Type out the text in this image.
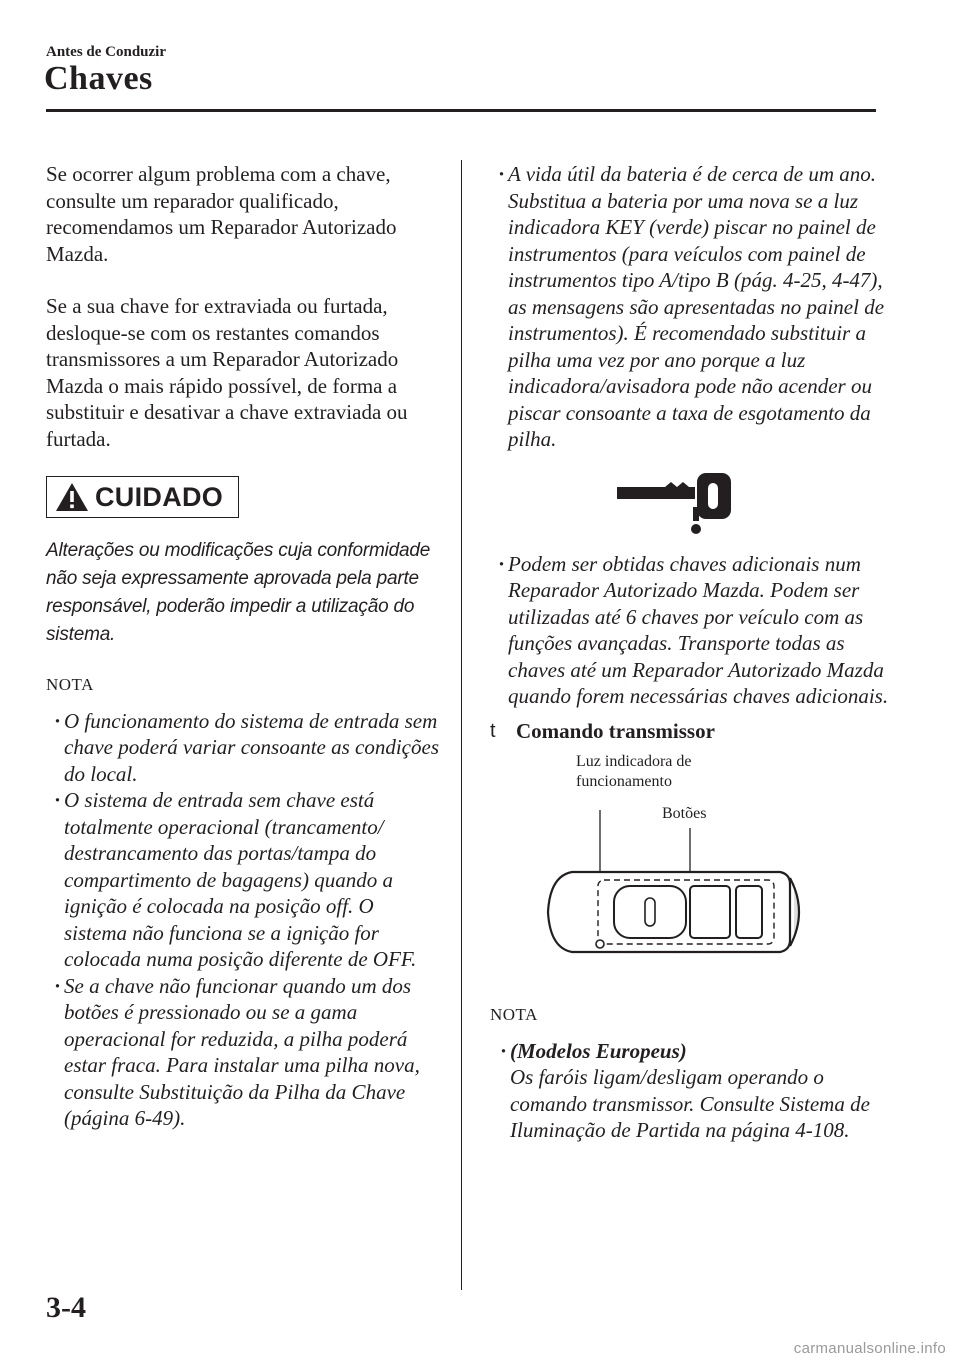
Antes de Conduzir
Chaves

Se ocorrer algum problema com a chave, consulte um reparador qualificado, recomendamos um Reparador Autorizado Mazda.

Se a sua chave for extraviada ou furtada, desloque-se com os restantes comandos transmissores a um Reparador Autorizado Mazda o mais rápido possível, de forma a substituir e desativar a chave extraviada ou furtada.

CUIDADO

Alterações ou modificações cuja conformidade não seja expressamente aprovada pela parte responsável, poderão impedir a utilização do sistema.

NOTA

· O funcionamento do sistema de entrada sem chave poderá variar consoante as condições do local.
· O sistema de entrada sem chave está totalmente operacional (trancamento/ destrancamento das portas/tampa do compartimento de bagagens) quando a ignição é colocada na posição off. O sistema não funciona se a ignição for colocada numa posição diferente de OFF.
· Se a chave não funcionar quando um dos botões é pressionado ou se a gama operacional for reduzida, a pilha poderá estar fraca. Para instalar uma pilha nova, consulte Substituição da Pilha da Chave (página 6-49).
· A vida útil da bateria é de cerca de um ano. Substitua a bateria por uma nova se a luz indicadora KEY (verde) piscar no painel de instrumentos (para veículos com painel de instrumentos tipo A/tipo B (pág. 4-25, 4-47), as mensagens são apresentadas no painel de instrumentos). É recomendado substituir a pilha uma vez por ano porque a luz indicadora/avisadora pode não acender ou piscar consoante a taxa de esgotamento da pilha.
· Podem ser obtidas chaves adicionais num Reparador Autorizado Mazda. Podem ser utilizadas até 6 chaves por veículo com as funções avançadas. Transporte todas as chaves até um Reparador Autorizado Mazda quando forem necessárias chaves adicionais.
t Comando transmissor
Luz indicadora de funcionamento
Botões

NOTA

· (Modelos Europeus)
Os faróis ligam/desligam operando o comando transmissor. Consulte Sistema de Iluminação de Partida na página 4-108.
3-4
carmanualsonline.info
